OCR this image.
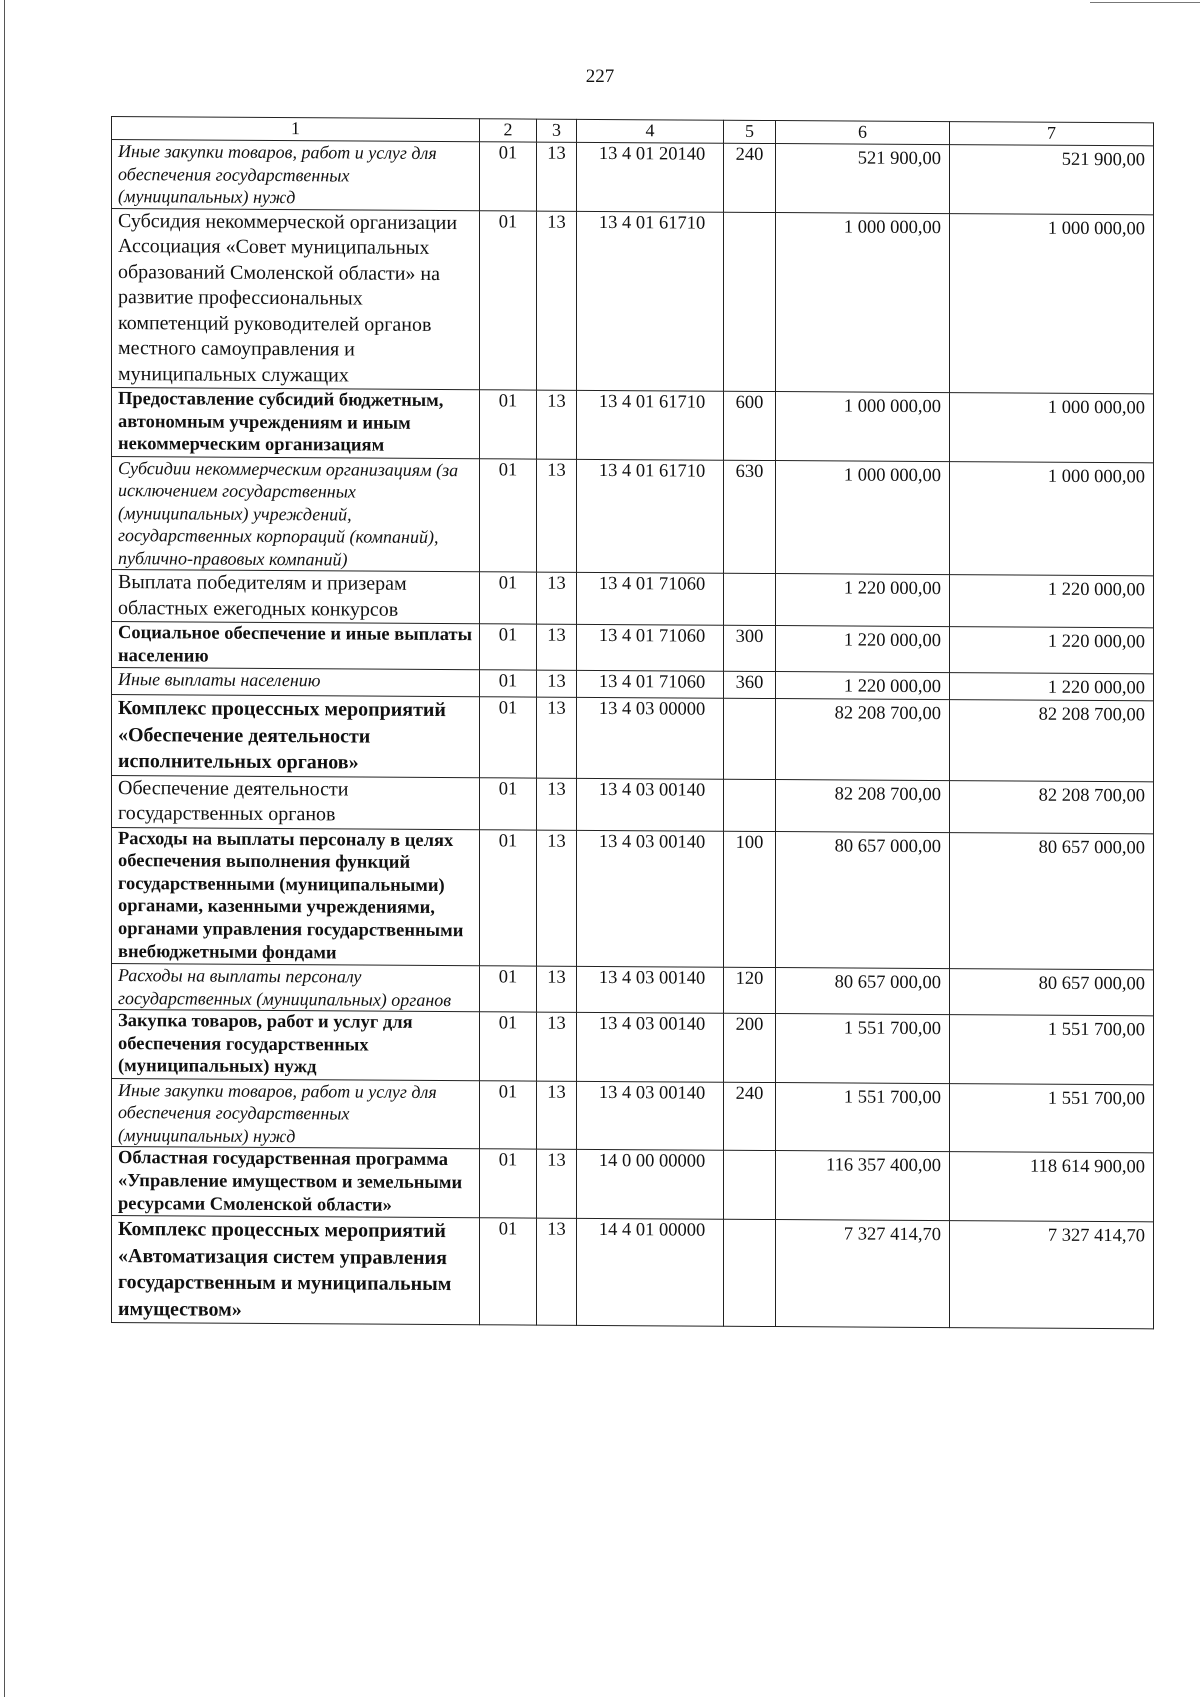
227
1	2	3	4	5	6	7
Иные закупки товаров, работ и услуг для обеспечения государственных (муниципальных) нужд	01	13	13 4 01 20140	240	521 900,00	521 900,00
Субсидия некоммерческой организации Ассоциация «Совет муниципальных образований Смоленской области» на развитие профессиональных компетенций руководителей органов местного самоуправления и муниципальных служащих	01	13	13 4 01 61710		1 000 000,00	1 000 000,00
Предоставление субсидий бюджетным, автономным учреждениям и иным некоммерческим организациям	01	13	13 4 01 61710	600	1 000 000,00	1 000 000,00
Субсидии некоммерческим организациям (за исключением государственных (муниципальных) учреждений, государственных корпораций (компаний), публично-правовых компаний)	01	13	13 4 01 61710	630	1 000 000,00	1 000 000,00
Выплата победителям и призерам областных ежегодных конкурсов	01	13	13 4 01 71060		1 220 000,00	1 220 000,00
Социальное обеспечение и иные выплаты населению	01	13	13 4 01 71060	300	1 220 000,00	1 220 000,00
Иные выплаты населению	01	13	13 4 01 71060	360	1 220 000,00	1 220 000,00
Комплекс процессных мероприятий «Обеспечение деятельности исполнительных органов»	01	13	13 4 03 00000		82 208 700,00	82 208 700,00
Обеспечение деятельности государственных органов	01	13	13 4 03 00140		82 208 700,00	82 208 700,00
Расходы на выплаты персоналу в целях обеспечения выполнения функций государственными (муниципальными) органами, казенными учреждениями, органами управления государственными внебюджетными фондами	01	13	13 4 03 00140	100	80 657 000,00	80 657 000,00
Расходы на выплаты персоналу государственных (муниципальных) органов	01	13	13 4 03 00140	120	80 657 000,00	80 657 000,00
Закупка товаров, работ и услуг для обеспечения государственных (муниципальных) нужд	01	13	13 4 03 00140	200	1 551 700,00	1 551 700,00
Иные закупки товаров, работ и услуг для обеспечения государственных (муниципальных) нужд	01	13	13 4 03 00140	240	1 551 700,00	1 551 700,00
Областная государственная программа «Управление имуществом и земельными ресурсами Смоленской области»	01	13	14 0 00 00000		116 357 400,00	118 614 900,00
Комплекс процессных мероприятий «Автоматизация систем управления государственным и муниципальным имуществом»	01	13	14 4 01 00000		7 327 414,70	7 327 414,70
